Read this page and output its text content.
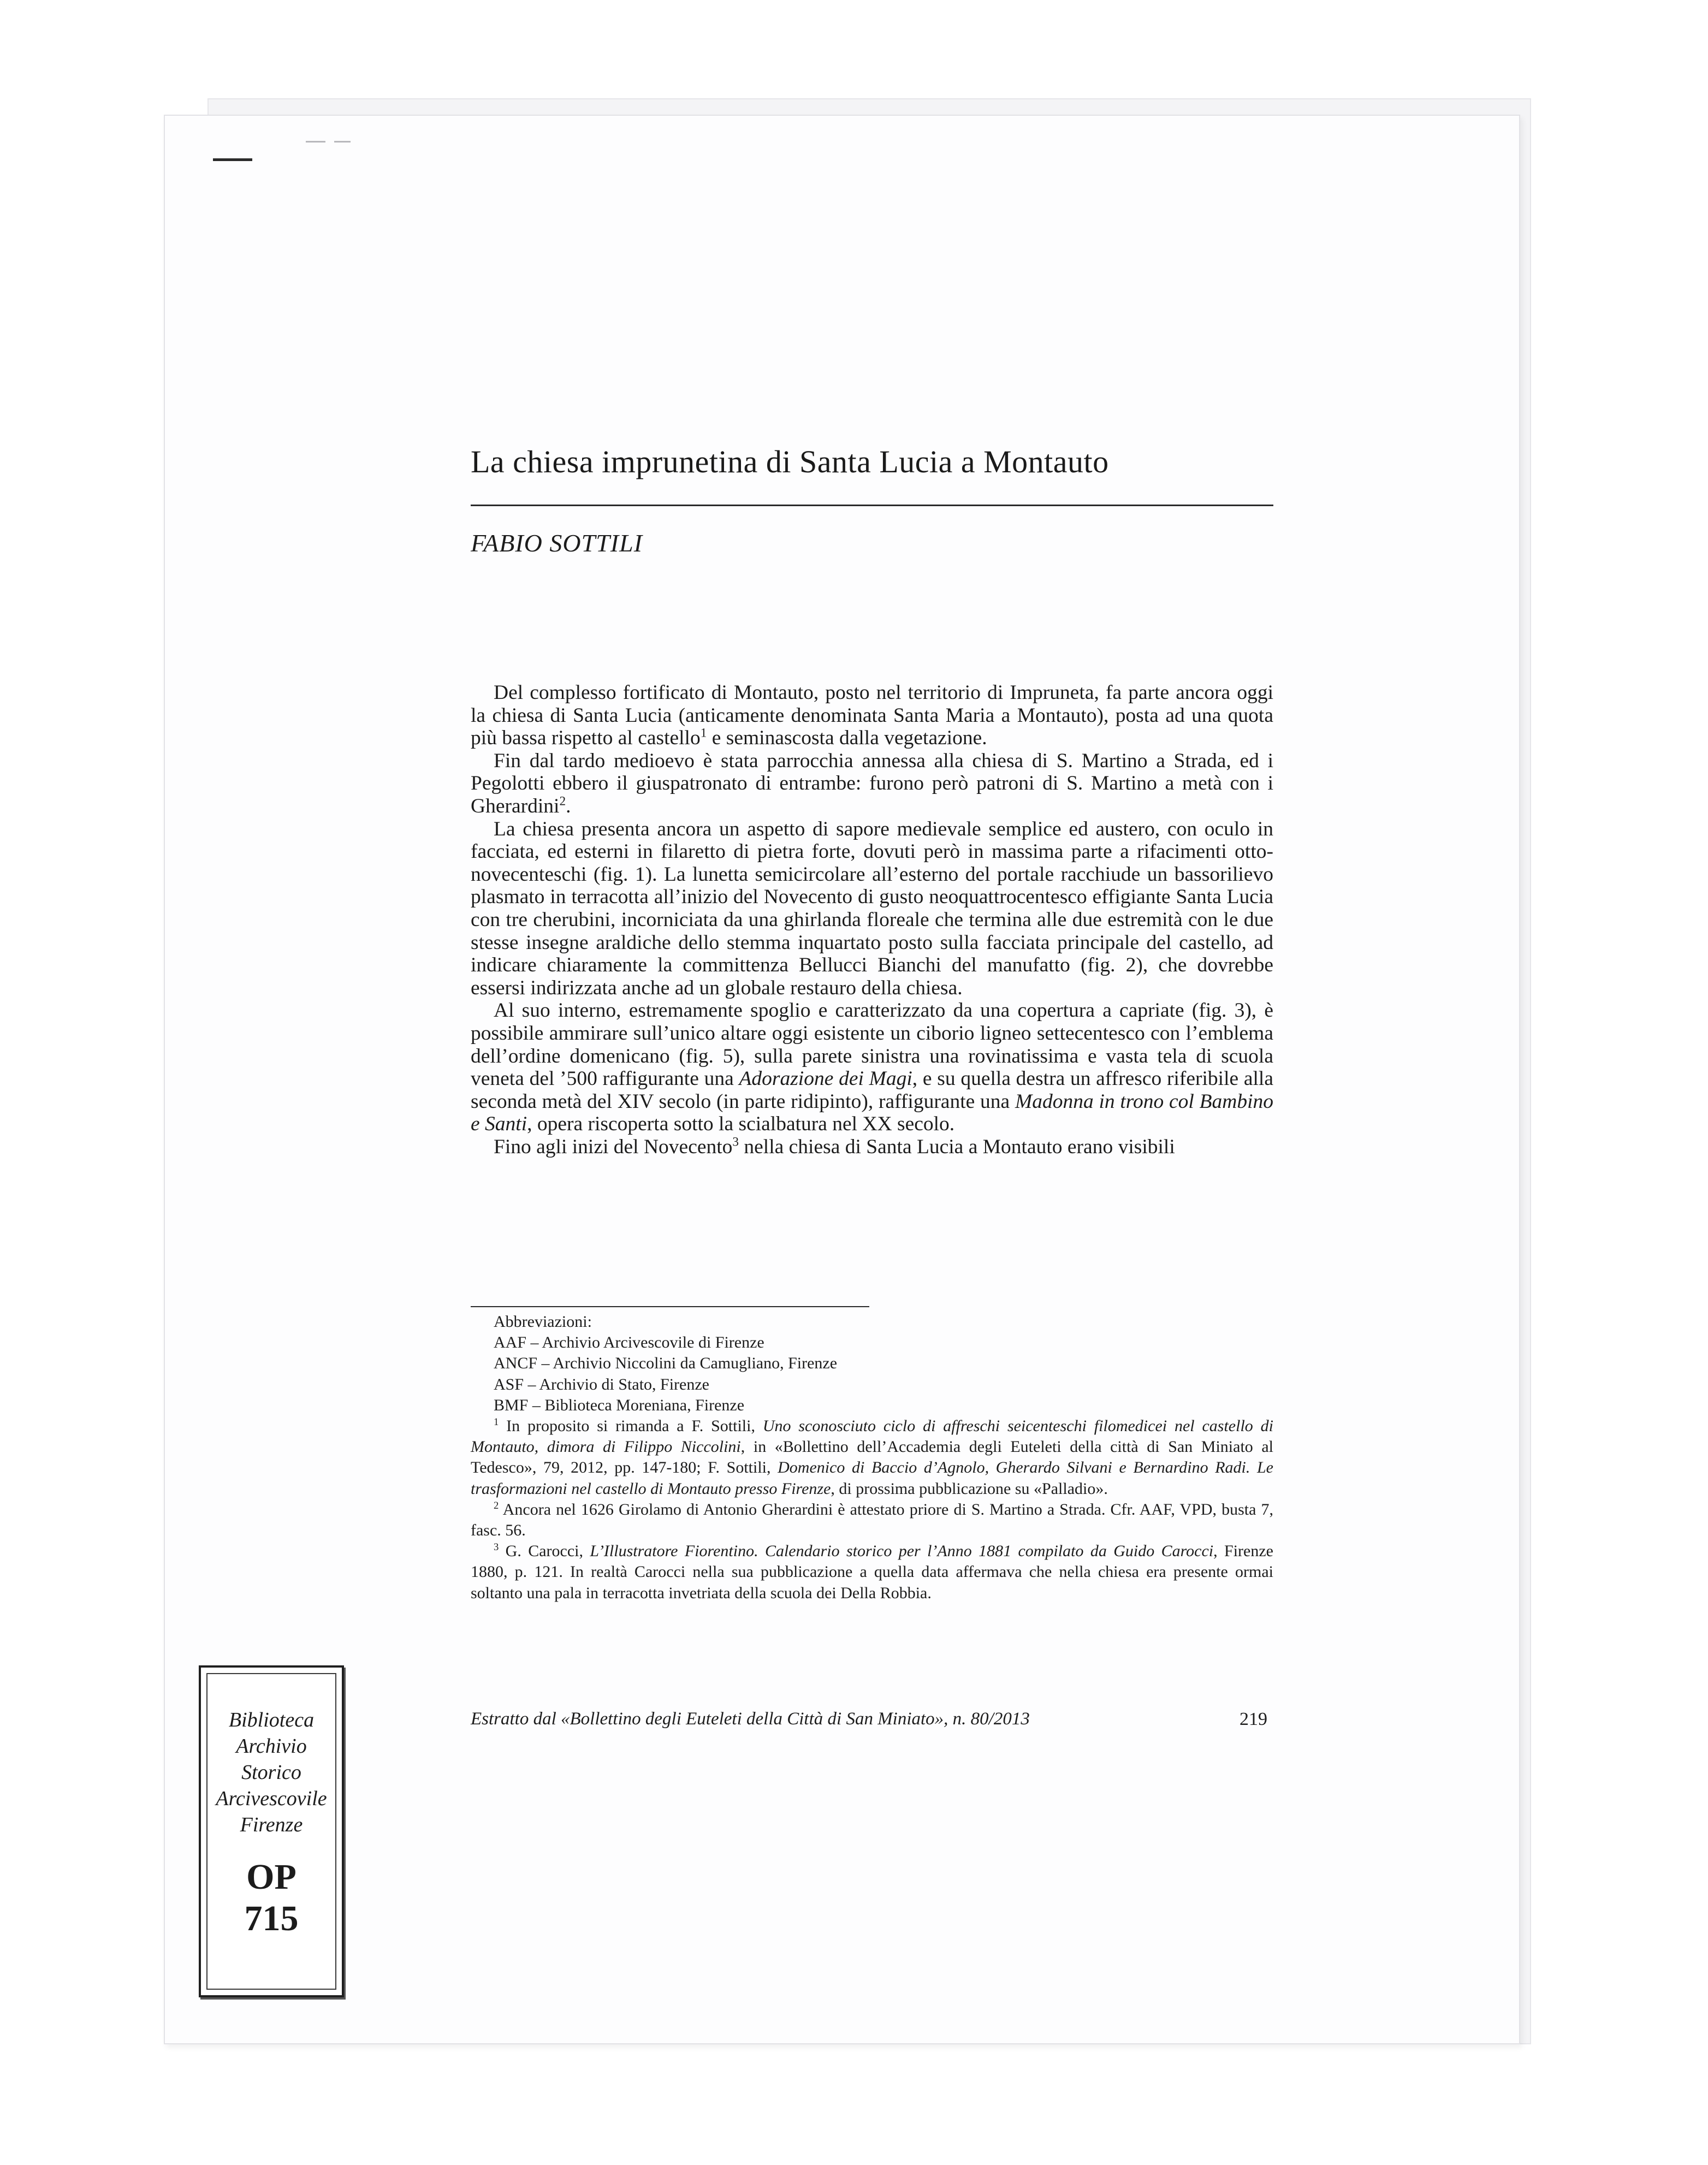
La chiesa imprunetina di Santa Lucia a Montauto
FABIO SOTTILI

Del complesso fortificato di Montauto, posto nel territorio di Impruneta, fa parte ancora oggi la chiesa di Santa Lucia (anticamente denominata Santa Maria a Montauto), posta ad una quota più bassa rispetto al castello$^1$ e seminascosta dalla vegetazione.

Fin dal tardo medioevo è stata parrocchia annessa alla chiesa di S. Martino a Strada, ed i Pegolotti ebbero il giuspatronato di entrambe: furono però patroni di S. Martino a metà con i Gherardini$^2$.

La chiesa presenta ancora un aspetto di sapore medievale semplice ed austero, con oculo in facciata, ed esterni in filaretto di pietra forte, dovuti però in massima parte a rifacimenti otto-novecenteschi (fig. 1). La lunetta semicircolare all’esterno del portale racchiude un bassorilievo plasmato in terracotta all’inizio del Novecento di gusto neoquattrocentesco effigiante Santa Lucia con tre cherubini, incorniciata da una ghirlanda floreale che termina alle due estremità con le due stesse insegne araldiche dello stemma inquartato posto sulla facciata principale del castello, ad indicare chiaramente la committenza Bellucci Bianchi del manufatto (fig. 2), che dovrebbe essersi indirizzata anche ad un globale restauro della chiesa.

Al suo interno, estremamente spoglio e caratterizzato da una copertura a capriate (fig. 3), è possibile ammirare sull’unico altare oggi esistente un ciborio ligneo settecentesco con l’emblema dell’ordine domenicano (fig. 5), sulla parete sinistra una rovinatissima e vasta tela di scuola veneta del ’500 raffigurante una Adorazione dei Magi, e su quella destra un affresco riferibile alla seconda metà del XIV secolo (in parte ridipinto), raffigurante una Madonna in trono col Bambino e Santi, opera riscoperta sotto la scialbatura nel XX secolo.

Fino agli inizi del Novecento$^3$ nella chiesa di Santa Lucia a Montauto erano visibili

Abbreviazioni:

AAF – Archivio Arcivescovile di Firenze

ANCF – Archivio Niccolini da Camugliano, Firenze

ASF – Archivio di Stato, Firenze

BMF – Biblioteca Moreniana, Firenze

$^1$ In proposito si rimanda a F. Sottili, Uno sconosciuto ciclo di affreschi seicenteschi filomedicei nel castello di Montauto, dimora di Filippo Niccolini, in «Bollettino dell’Accademia degli Euteleti della città di San Miniato al Tedesco», 79, 2012, pp. 147-180; F. Sottili, Domenico di Baccio d’Agnolo, Gherardo Silvani e Bernardino Radi. Le trasformazioni nel castello di Montauto presso Firenze, di prossima pubblicazione su «Palladio».

$^2$ Ancora nel 1626 Girolamo di Antonio Gherardini è attestato priore di S. Martino a Strada. Cfr. AAF, VPD, busta 7, fasc. 56.

$^3$ G. Carocci, L’Illustratore Fiorentino. Calendario storico per l’Anno 1881 compilato da Guido Carocci, Firenze 1880, p. 121. In realtà Carocci nella sua pubblicazione a quella data affermava che nella chiesa era presente ormai soltanto una pala in terracotta invetriata della scuola dei Della Robbia.

Estratto dal «Bollettino degli Euteleti della Città di San Miniato», n. 80/2013	219
Biblioteca
Archivio
Storico
Arcivescovile
Firenze
OP
715
